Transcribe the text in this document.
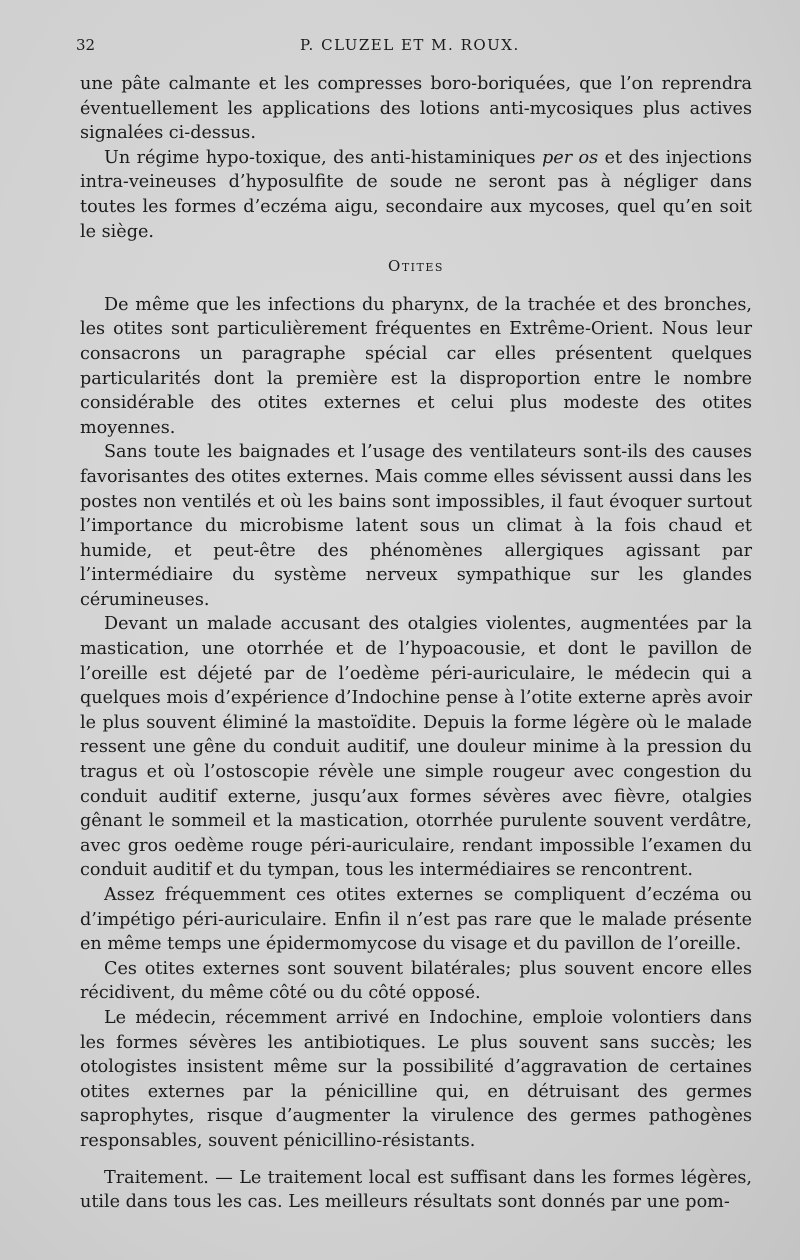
32	P. CLUZEL ET M. ROUX.

une pâte calmante et les compresses boro-boriquées, que l’on reprendra éventuellement les applications des lotions anti-mycosiques plus actives signalées ci-dessus.

Un régime hypo-toxique, des anti-histaminiques per os et des injections intra-veineuses d’hyposulfite de soude ne seront pas à négliger dans toutes les formes d’eczéma aigu, secondaire aux mycoses, quel qu’en soit le siège.

Otites

De même que les infections du pharynx, de la trachée et des bronches, les otites sont particulièrement fréquentes en Extrême-Orient. Nous leur consacrons un paragraphe spécial car elles présentent quelques particularités dont la première est la disproportion entre le nombre considérable des otites externes et celui plus modeste des otites moyennes.

Sans toute les baignades et l’usage des ventilateurs sont-ils des causes favorisantes des otites externes. Mais comme elles sévissent aussi dans les postes non ventilés et où les bains sont impossibles, il faut évoquer surtout l’importance du microbisme latent sous un climat à la fois chaud et humide, et peut-être des phénomènes allergiques agissant par l’intermédiaire du système nerveux sympathique sur les glandes cérumineuses.

Devant un malade accusant des otalgies violentes, augmentées par la mastication, une otorrhée et de l’hypoacousie, et dont le pavillon de l’oreille est déjeté par de l’oedème péri-auriculaire, le médecin qui a quelques mois d’expérience d’Indochine pense à l’otite externe après avoir le plus souvent éliminé la mastoïdite. Depuis la forme légère où le malade ressent une gêne du conduit auditif, une douleur minime à la pression du tragus et où l’ostoscopie révèle une simple rougeur avec congestion du conduit auditif externe, jusqu’aux formes sévères avec fièvre, otalgies gênant le sommeil et la mastication, otorrhée purulente souvent verdâtre, avec gros oedème rouge péri-auriculaire, rendant impossible l’examen du conduit auditif et du tympan, tous les intermédiaires se rencontrent.

Assez fréquemment ces otites externes se compliquent d’eczéma ou d’impétigo péri-auriculaire. Enfin il n’est pas rare que le malade présente en même temps une épidermomycose du visage et du pavillon de l’oreille.

Ces otites externes sont souvent bilatérales; plus souvent encore elles récidivent, du même côté ou du côté opposé.

Le médecin, récemment arrivé en Indochine, emploie volontiers dans les formes sévères les antibiotiques. Le plus souvent sans succès; les otologistes insistent même sur la possibilité d’aggravation de certaines otites externes par la pénicilline qui, en détruisant des germes saprophytes, risque d’augmenter la virulence des germes pathogènes responsables, souvent pénicillino-résistants.

Traitement. — Le traitement local est suffisant dans les formes légères, utile dans tous les cas. Les meilleurs résultats sont donnés par une pom-
